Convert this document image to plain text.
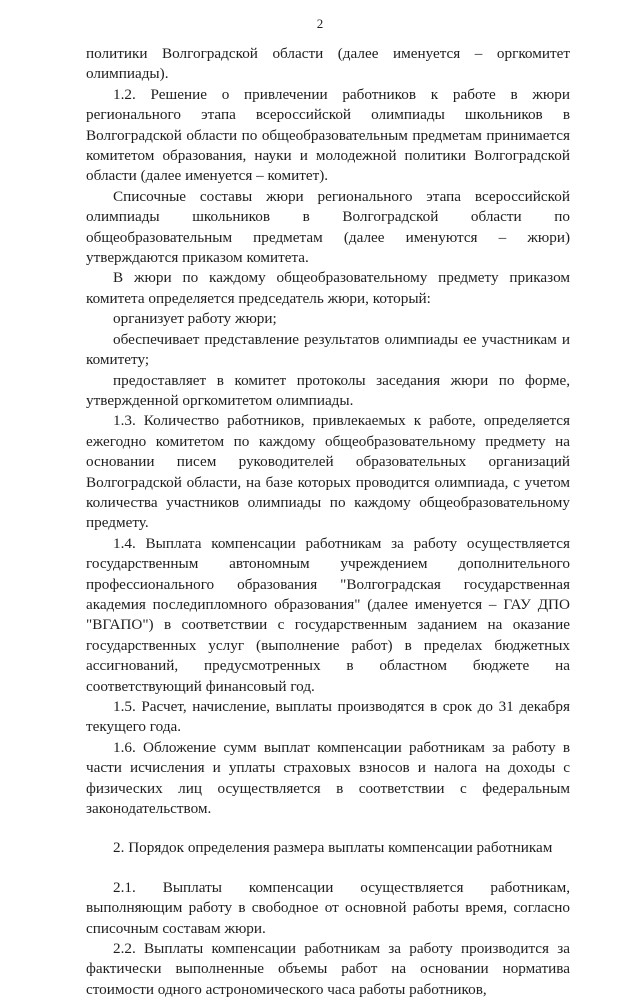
2

политики Волгоградской области (далее именуется – оргкомитет олимпиады).

1.2. Решение о привлечении работников к работе в жюри регионального этапа всероссийской олимпиады школьников в Волгоградской области по общеобразовательным предметам принимается комитетом образования, науки и молодежной политики Волгоградской области (далее именуется – комитет).

Списочные составы жюри регионального этапа всероссийской олимпиады школьников в Волгоградской области по общеобразовательным предметам (далее именуются – жюри) утверждаются приказом комитета.

В жюри по каждому общеобразовательному предмету приказом комитета определяется председатель жюри, который:

организует работу жюри;

обеспечивает представление результатов олимпиады ее участникам и комитету;

предоставляет в комитет протоколы заседания жюри по форме, утвержденной оргкомитетом олимпиады.

1.3. Количество работников, привлекаемых к работе, определяется ежегодно комитетом по каждому общеобразовательному предмету на основании писем руководителей образовательных организаций Волгоградской области, на базе которых проводится олимпиада, с учетом количества участников олимпиады по каждому общеобразовательному предмету.

1.4. Выплата компенсации работникам за работу осуществляется государственным автономным учреждением дополнительного профессионального образования "Волгоградская государственная академия последипломного образования" (далее именуется – ГАУ ДПО "ВГАПО") в соответствии с государственным заданием на оказание государственных услуг (выполнение работ) в пределах бюджетных ассигнований, предусмотренных в областном бюджете на соответствующий финансовый год.

1.5. Расчет, начисление, выплаты производятся в срок до 31 декабря текущего года.

1.6. Обложение сумм выплат компенсации работникам за работу в части исчисления и уплаты страховых взносов и налога на доходы с физических лиц осуществляется в соответствии с федеральным законодательством.

2. Порядок определения размера выплаты компенсации работникам

2.1. Выплаты компенсации осуществляется работникам, выполняющим работу в свободное от основной работы время, согласно списочным составам жюри.

2.2. Выплаты компенсации работникам за работу производится за фактически выполненные объемы работ на основании норматива стоимости одного астрономического часа работы работников,
